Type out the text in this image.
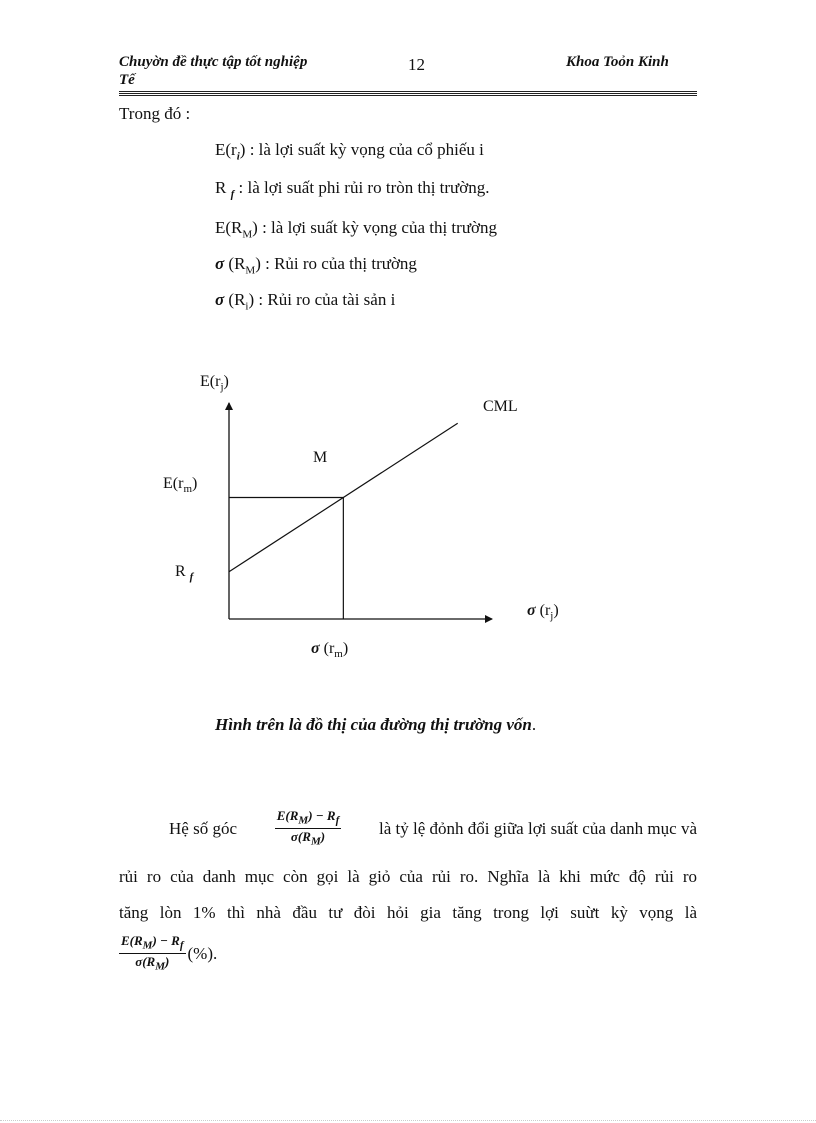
Chuyờn đề thực tập tốt nghiệp
Tế
12	Khoa Toỏn Kinh
Trong đó :
$E(r_i)$ : là lợi suất kỳ vọng của cổ phiếu i
R $_f$ : là lợi suất phi rủi ro tròn thị trường.
$E(R_M)$ : là lợi suất kỳ vọng của thị trường
σ $(R_M)$ : Rủi ro của thị trường
σ $(R_i)$ : Rủi ro của tài sản i
$E(r_j)$
CML
M
$E(r_m)$
R $_f$
σ $(r_j)$
σ $(r_m)$
Hình trên là đồ thị của đường thị trường vốn.
Hệ số góc	$\frac{E(R_M) - R_f}{\sigma(R_M)}$ là tỷ lệ đỏnh đổi giữa lợi suất của danh mục và
rủi ro của danh mục còn gọi là giỏ của rủi ro. Nghĩa là khi mức độ rủi ro
tăng lòn 1% thì nhà đầu tư đòi hỏi gia tăng trong lợi suừt kỳ vọng là
$\frac{E(R_M) - R_f}{\sigma(R_M)}$ (%).
